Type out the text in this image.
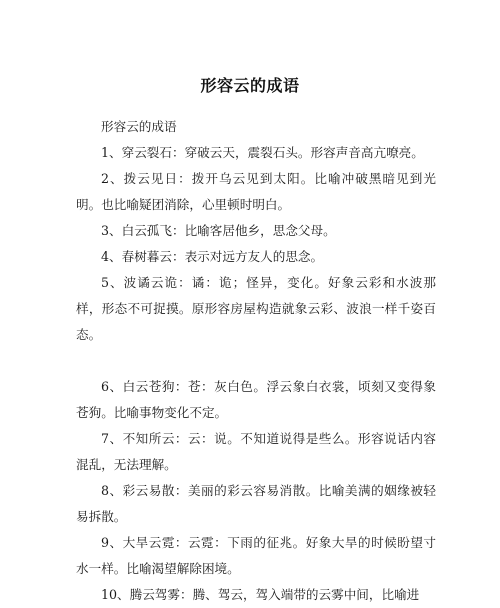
形容云的成语

形容云的成语

1、穿云裂石：穿破云天，震裂石头。形容声音高亢嘹亮。

2、拨云见日：拨开乌云见到太阳。比喻冲破黑暗见到光明。也比喻疑团消除，心里顿时明白。

3、白云孤飞：比喻客居他乡，思念父母。

4、春树暮云：表示对远方友人的思念。

5、波谲云诡：谲：诡；怪异，变化。好象云彩和水波那样，形态不可捉摸。原形容房屋构造就象云彩、波浪一样千姿百态。

6、白云苍狗：苍：灰白色。浮云象白衣裳，顷刻又变得象苍狗。比喻事物变化不定。

7、不知所云：云：说。不知道说得是些么。形容说话内容混乱，无法理解。

8、彩云易散：美丽的彩云容易消散。比喻美满的姻缘被轻易拆散。

9、大旱云霓：云霓：下雨的征兆。好象大旱的时候盼望寸水一样。比喻渴望解除困境。

10、腾云驾雾：腾、驾云，驾入端带的云雾中间，比喻进
